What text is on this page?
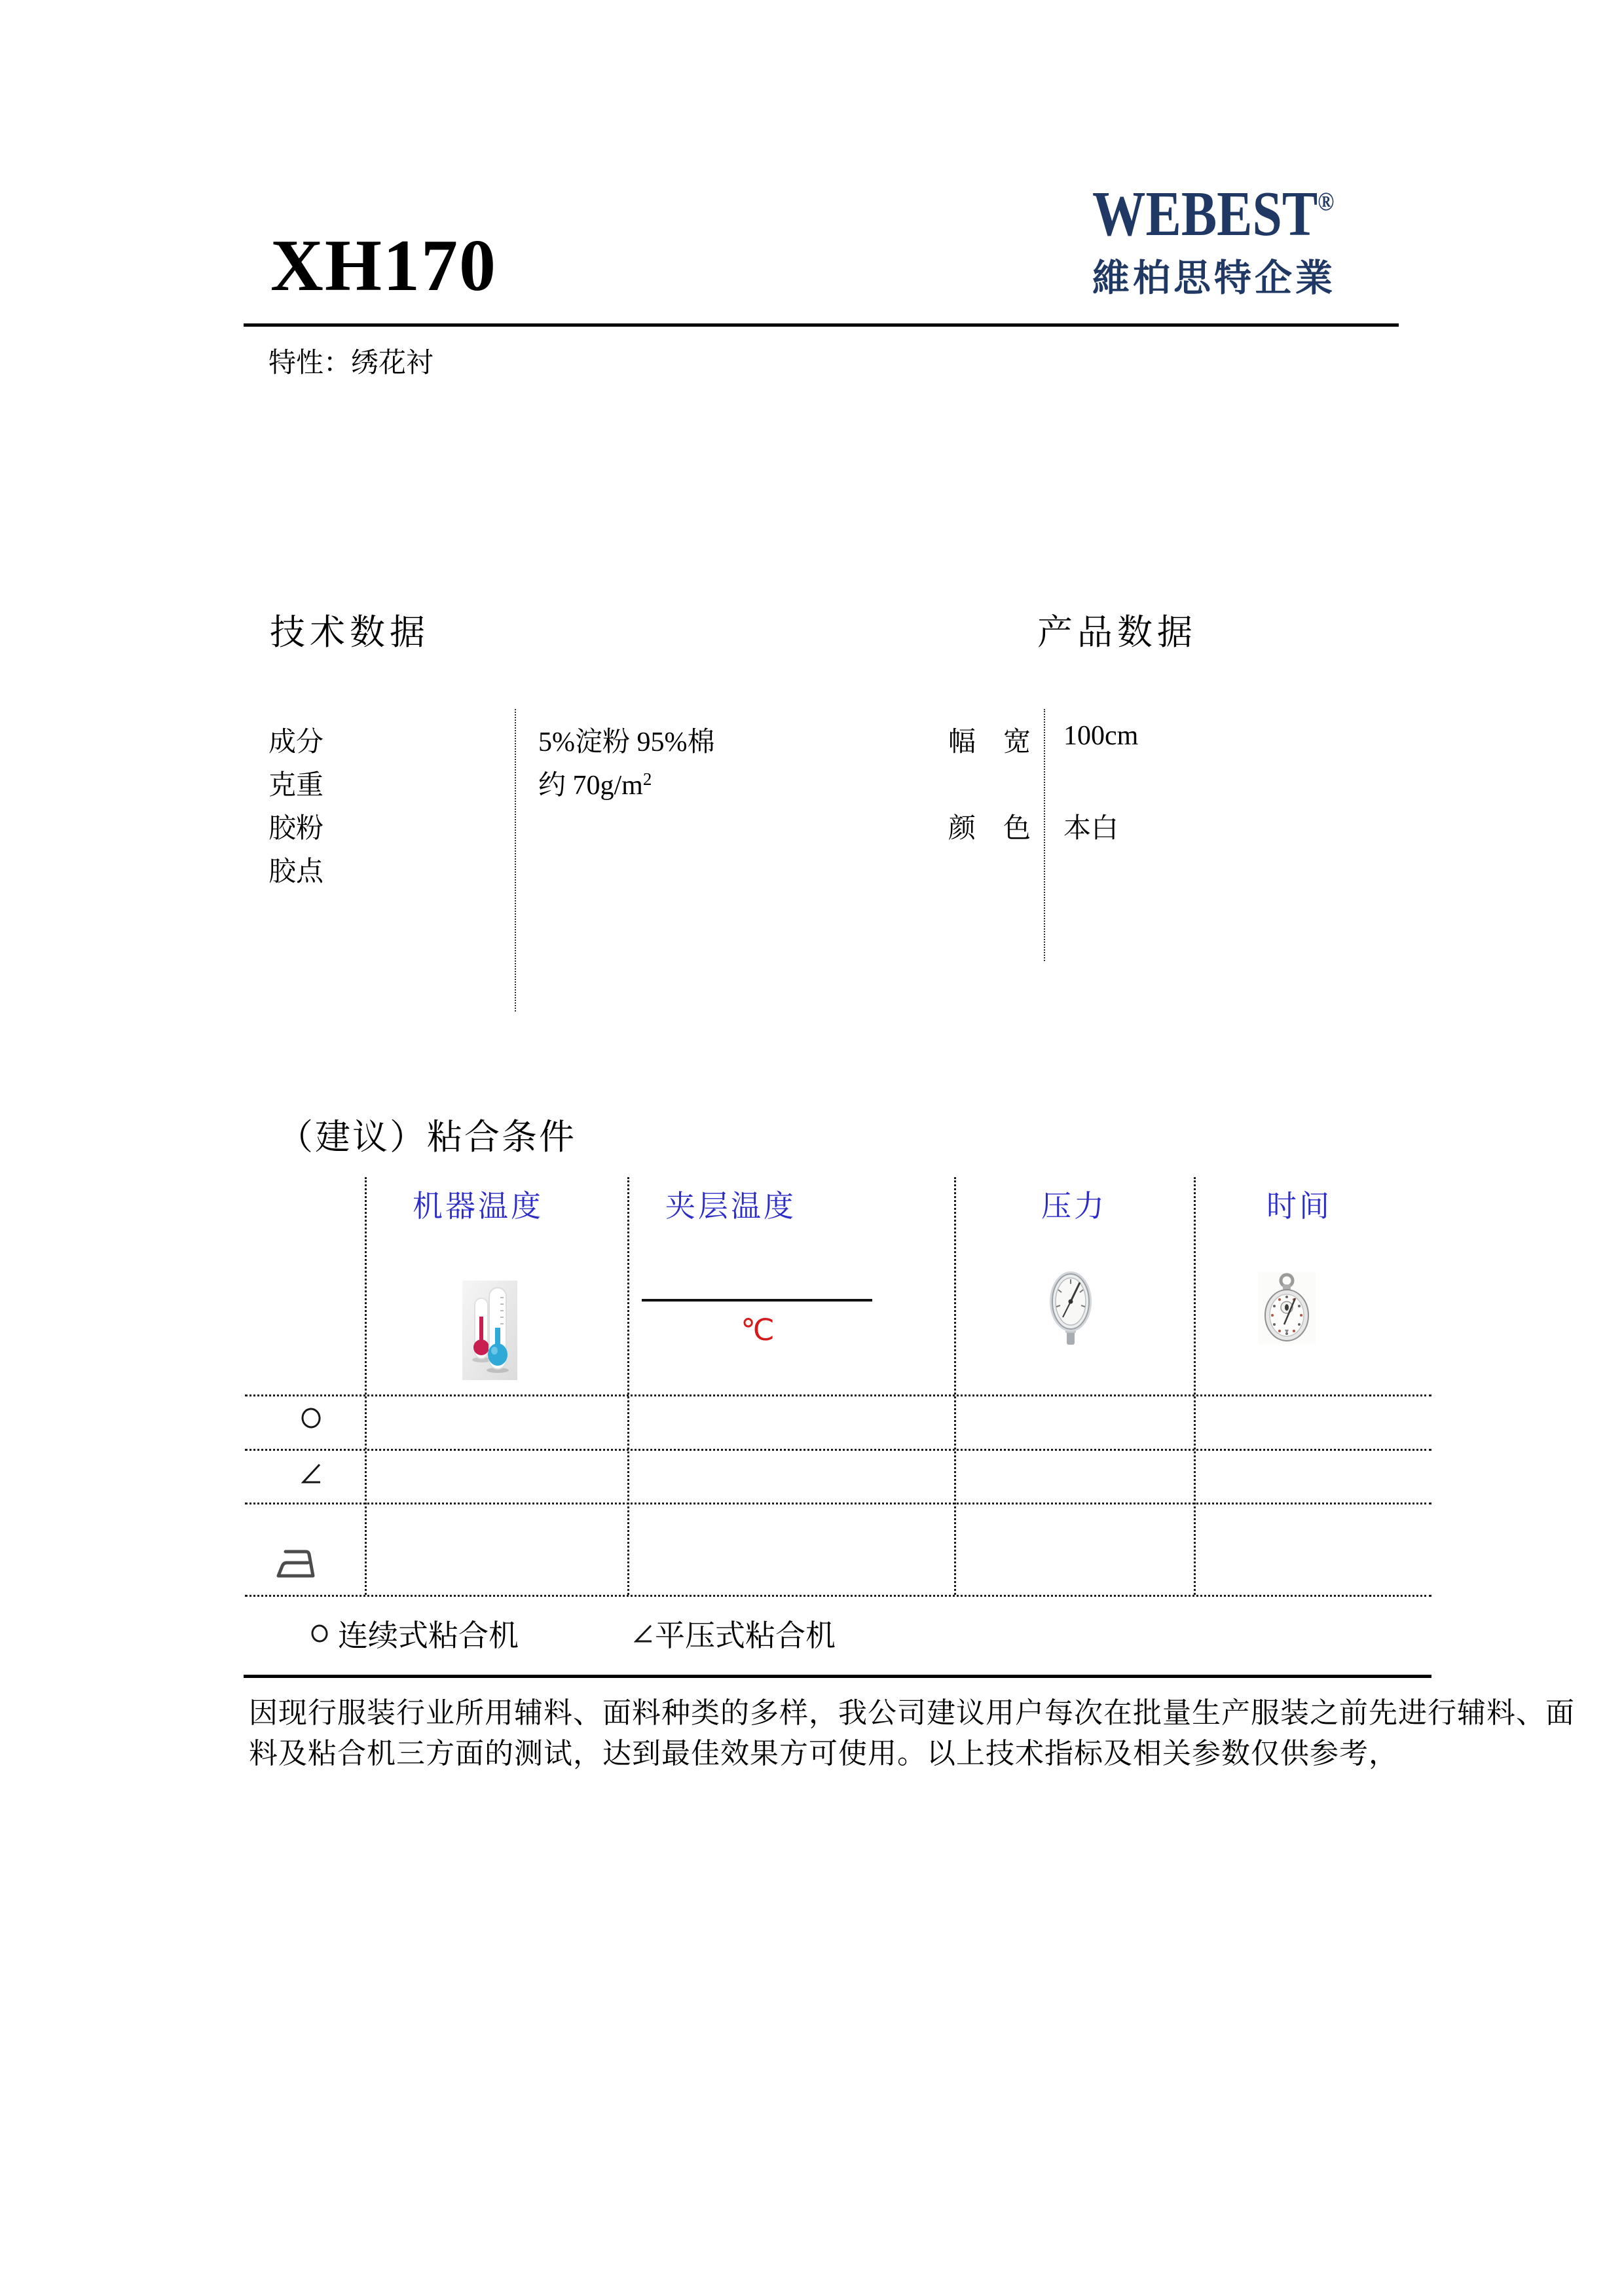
XH170
WEBEST®
維柏思特企業
特性：绣花衬
技术数据	产品数据
成分	5%淀粉 95%棉
克重	约 $70g/m^2$
胶粉
胶点
幅　宽 100cm
颜　色 本白
（建议）粘合条件
机器温度	夹层温度	压力	时间
℃
连续式粘合机	平压式粘合机
因现行服装行业所用辅料、面料种类的多样，我公司建议用户每次在批量生产服装之前先进行辅料、面
料及粘合机三方面的测试，达到最佳效果方可使用。以上技术指标及相关参数仅供参考，
